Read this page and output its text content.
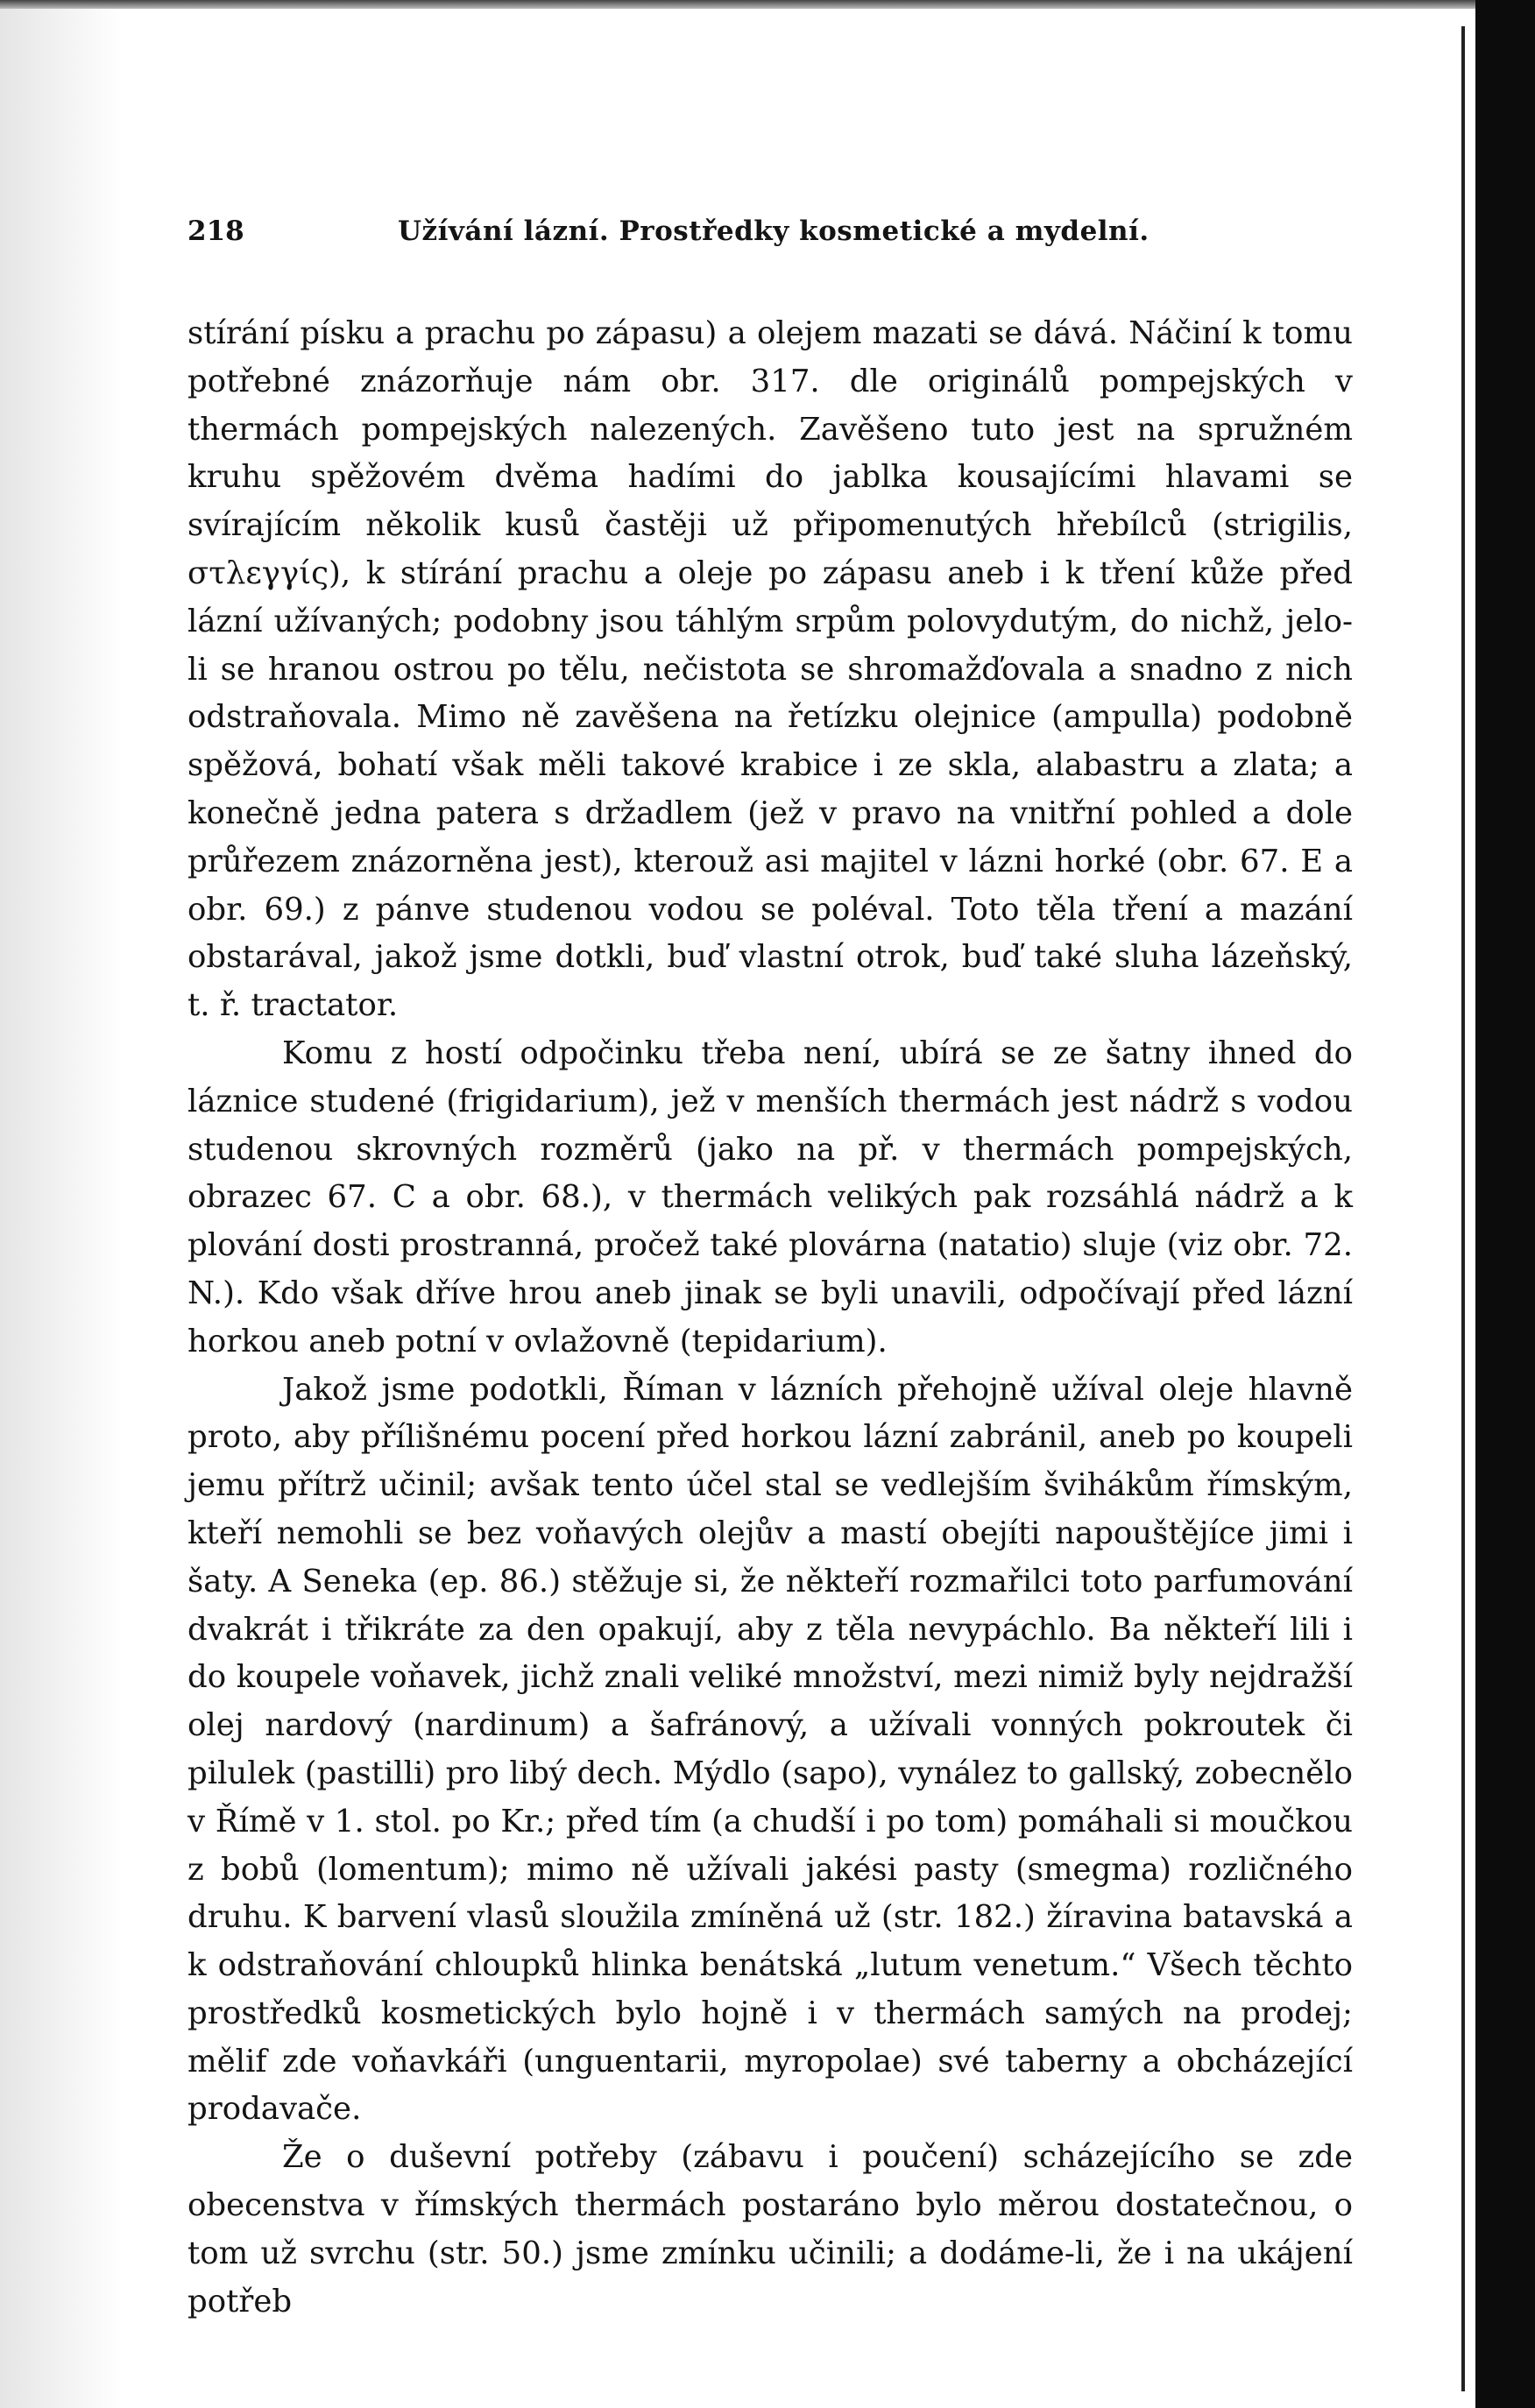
218	Užívání lázní. Prostředky kosmetické a mydelní.

stírání písku a prachu po zápasu) a olejem mazati se dává. Náčiní k tomu potřebné znázorňuje nám obr. 317. dle originálů pompejských v thermách pompejských nalezených. Zavěšeno tuto jest na spružném kruhu spěžovém dvěma hadími do jablka kousajícími hlavami se svírajícím několik kusů častěji už připomenutých hřebílců (strigilis, στλεγγίς), k stírání prachu a oleje po zápasu aneb i k tření kůže před lázní užívaných; podobny jsou táhlým srpům polovydutým, do nichž, jelo-li se hranou ostrou po tělu, nečistota se shromažďovala a snadno z nich odstraňovala. Mimo ně zavěšena na řetízku olejnice (ampulla) podobně spěžová, bohatí však měli takové krabice i ze skla, alabastru a zlata; a konečně jedna patera s držadlem (jež v pravo na vnitřní pohled a dole průřezem znázorněna jest), kterouž asi majitel v lázni horké (obr. 67. E a obr. 69.) z pánve studenou vodou se poléval. Toto těla tření a mazání obstarával, jakož jsme dotkli, buď vlastní otrok, buď také sluha lázeňský, t. ř. tractator.

Komu z hostí odpočinku třeba není, ubírá se ze šatny ihned do láznice studené (frigidarium), jež v menších thermách jest nádrž s vodou studenou skrovných rozměrů (jako na př. v thermách pompejských, obrazec 67. C a obr. 68.), v thermách velikých pak rozsáhlá nádrž a k plování dosti prostranná, pročež také plovárna (natatio) sluje (viz obr. 72. N.). Kdo však dříve hrou aneb jinak se byli unavili, odpočívají před lázní horkou aneb potní v ovlažovně (tepidarium).

Jakož jsme podotkli, Říman v lázních přehojně užíval oleje hlavně proto, aby přílišnému pocení před horkou lázní zabránil, aneb po koupeli jemu přítrž učinil; avšak tento účel stal se vedlejším švihákům římským, kteří nemohli se bez voňavých olejův a mastí obejíti napouštějíce jimi i šaty. A Seneka (ep. 86.) stěžuje si, že někteří rozmařilci toto parfumování dvakrát i třikráte za den opakují, aby z těla nevypáchlo. Ba někteří lili i do koupele voňavek, jichž znali veliké množství, mezi nimiž byly nejdražší olej nardový (nardinum) a šafránový, a užívali vonných pokroutek či pilulek (pastilli) pro libý dech. Mýdlo (sapo), vynález to gallský, zobecnělo v Římě v 1. stol. po Kr.; před tím (a chudší i po tom) pomáhali si moučkou z bobů (lomentum); mimo ně užívali jakési pasty (smegma) rozličného druhu. K barvení vlasů sloužila zmíněná už (str. 182.) žíravina batavská a k odstraňování chloupků hlinka benátská „lutum venetum.“ Všech těchto prostředků kosmetických bylo hojně i v thermách samých na prodej; mělif zde voňavkáři (unguentarii, myropolae) své taberny a obcházející prodavače.

Že o duševní potřeby (zábavu i poučení) scházejícího se zde obecenstva v římských thermách postaráno bylo měrou dostatečnou, o tom už svrchu (str. 50.) jsme zmínku učinili; a dodáme-li, že i na ukájení potřeb
